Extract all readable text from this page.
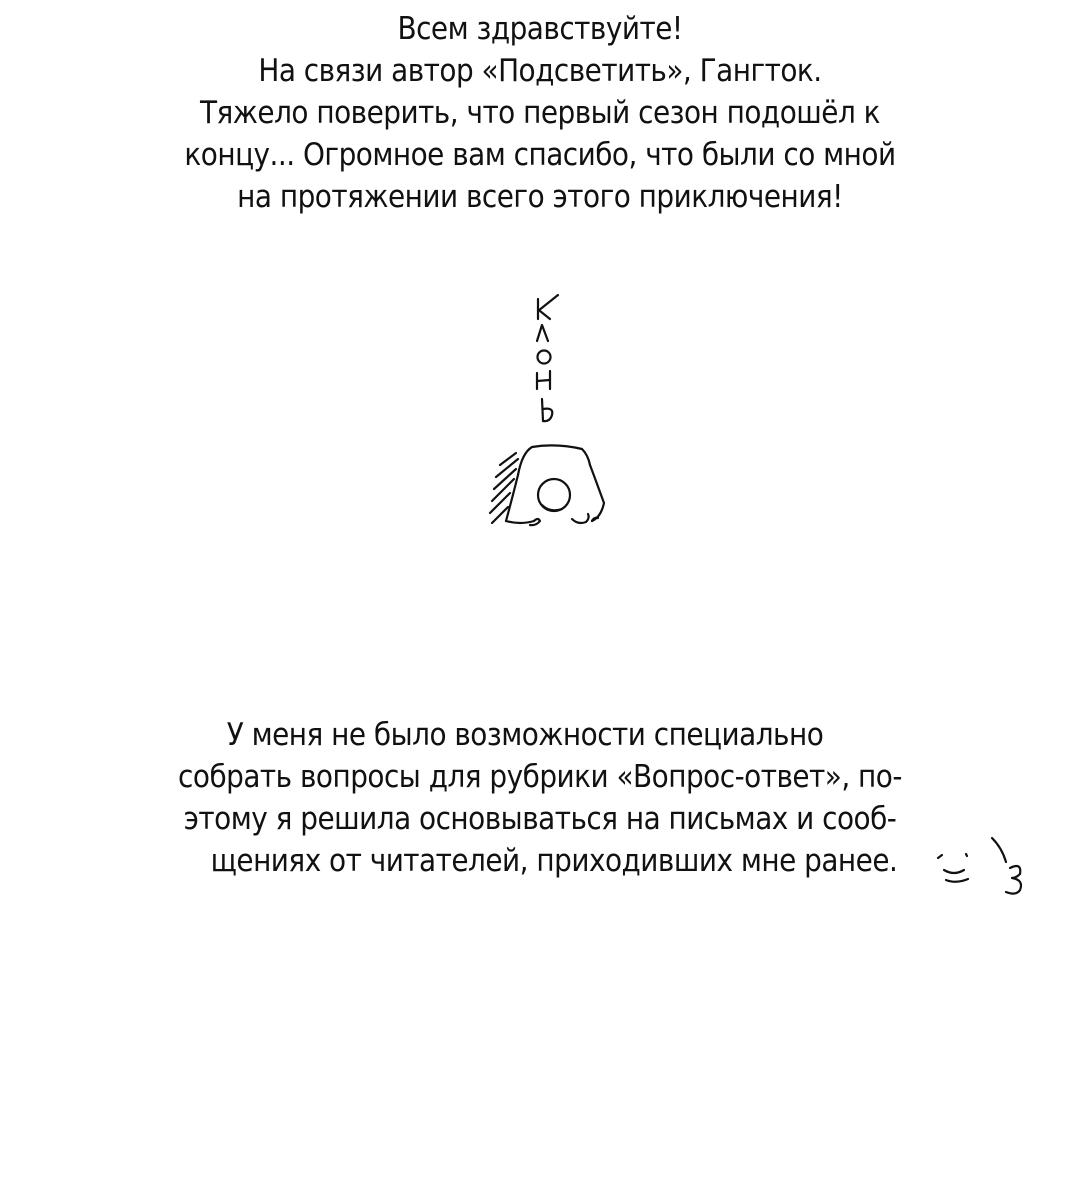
Всем здравствуйте!
На связи автор «Подсветить», Гангток.
Тяжело поверить, что первый сезон подошёл к
концу... Огромное вам спасибо, что были со мной
на протяжении всего этого приключения!
У меня не было возможности специально
собрать вопросы для рубрики «Вопрос-ответ», по-
этому я решила основываться на письмах и сооб-
щениях от читателей, приходивших мне ранее.
